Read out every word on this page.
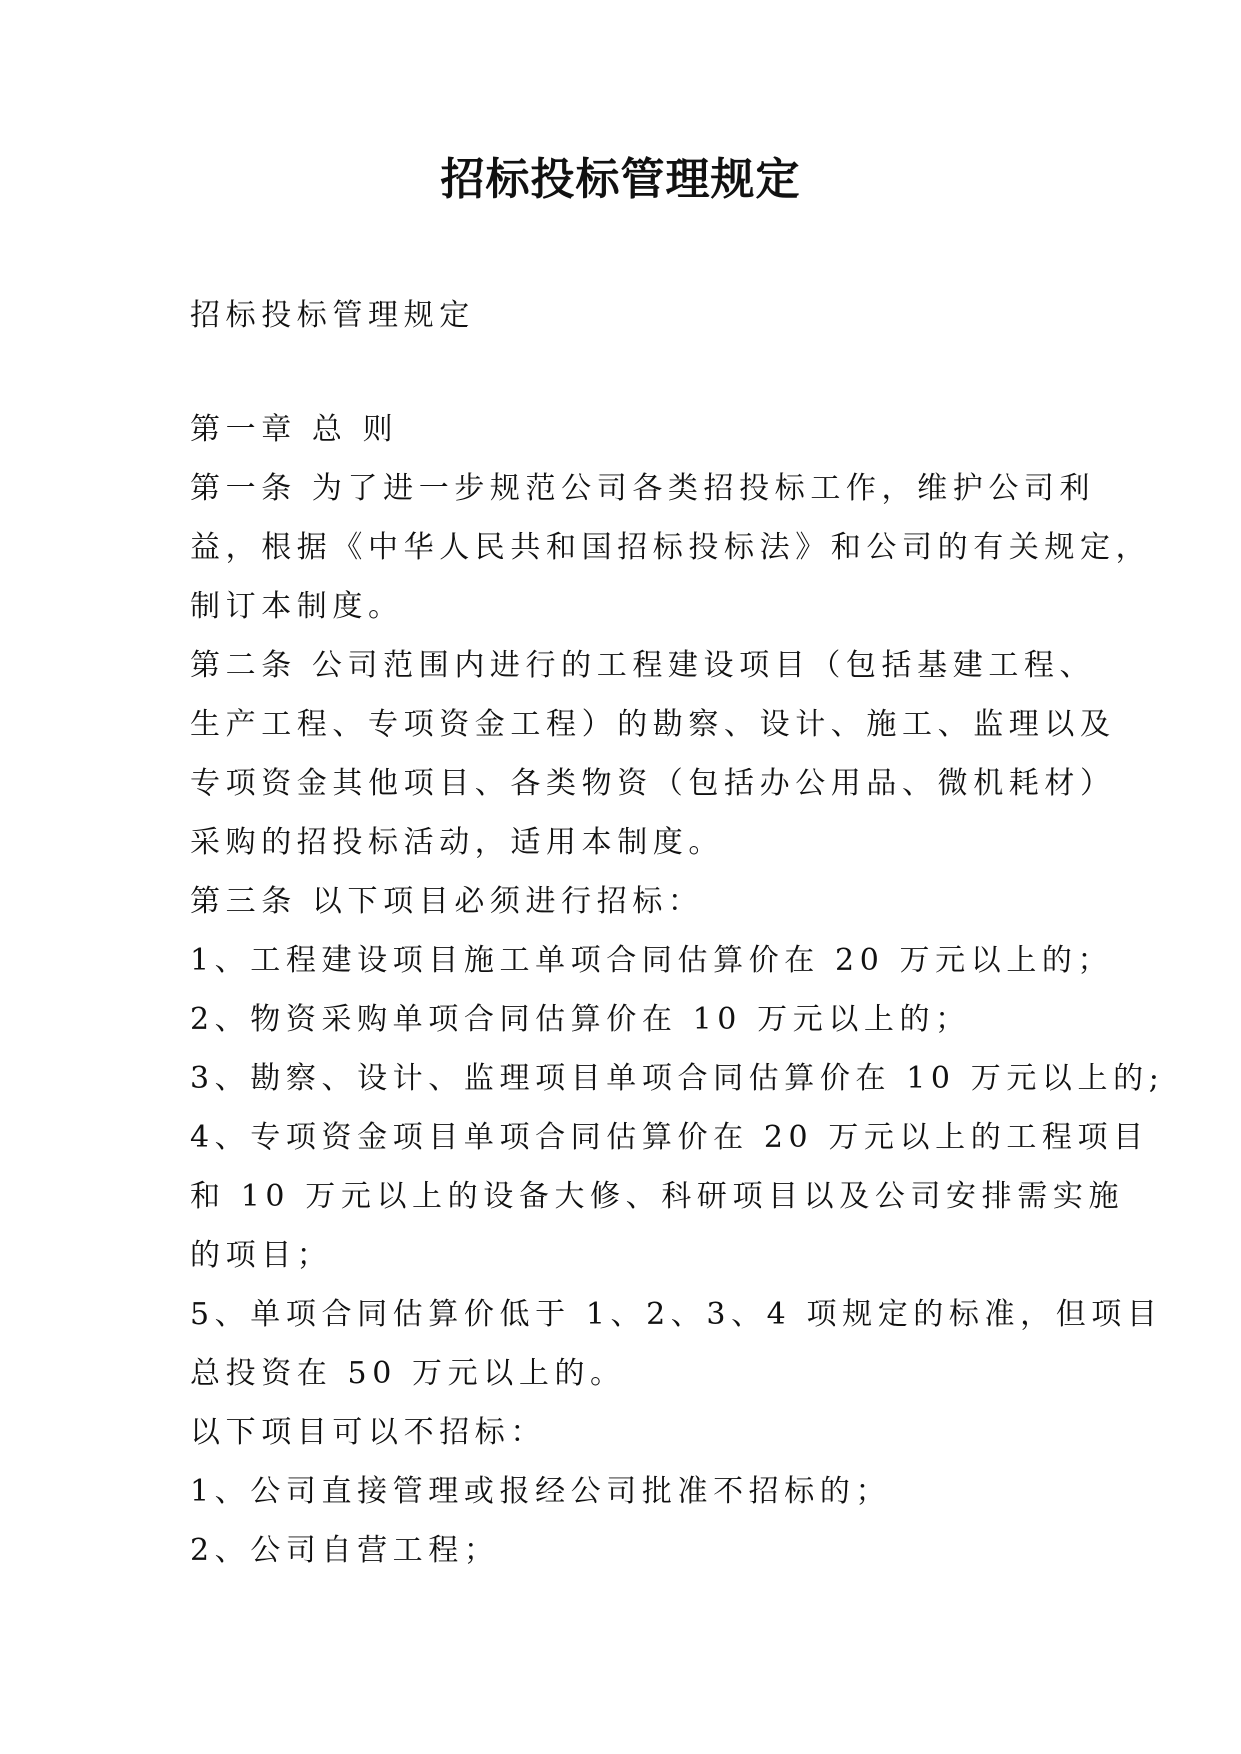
招标投标管理规定
招标投标管理规定
第一章 总 则
第一条 为了进一步规范公司各类招投标工作，维护公司利
益，根据《中华人民共和国招标投标法》和公司的有关规定，
制订本制度。
第二条 公司范围内进行的工程建设项目（包括基建工程、
生产工程、专项资金工程）的勘察、设计、施工、监理以及
专项资金其他项目、各类物资（包括办公用品、微机耗材）
采购的招投标活动，适用本制度。
第三条 以下项目必须进行招标：
1、工程建设项目施工单项合同估算价在 20 万元以上的；
2、物资采购单项合同估算价在 10 万元以上的；
3、勘察、设计、监理项目单项合同估算价在 10 万元以上的;
4、专项资金项目单项合同估算价在 20 万元以上的工程项目
和 10 万元以上的设备大修、科研项目以及公司安排需实施
的项目；
5、单项合同估算价低于 1、2、3、4 项规定的标准，但项目
总投资在 50 万元以上的。
以下项目可以不招标：
1、公司直接管理或报经公司批准不招标的；
2、公司自营工程；
